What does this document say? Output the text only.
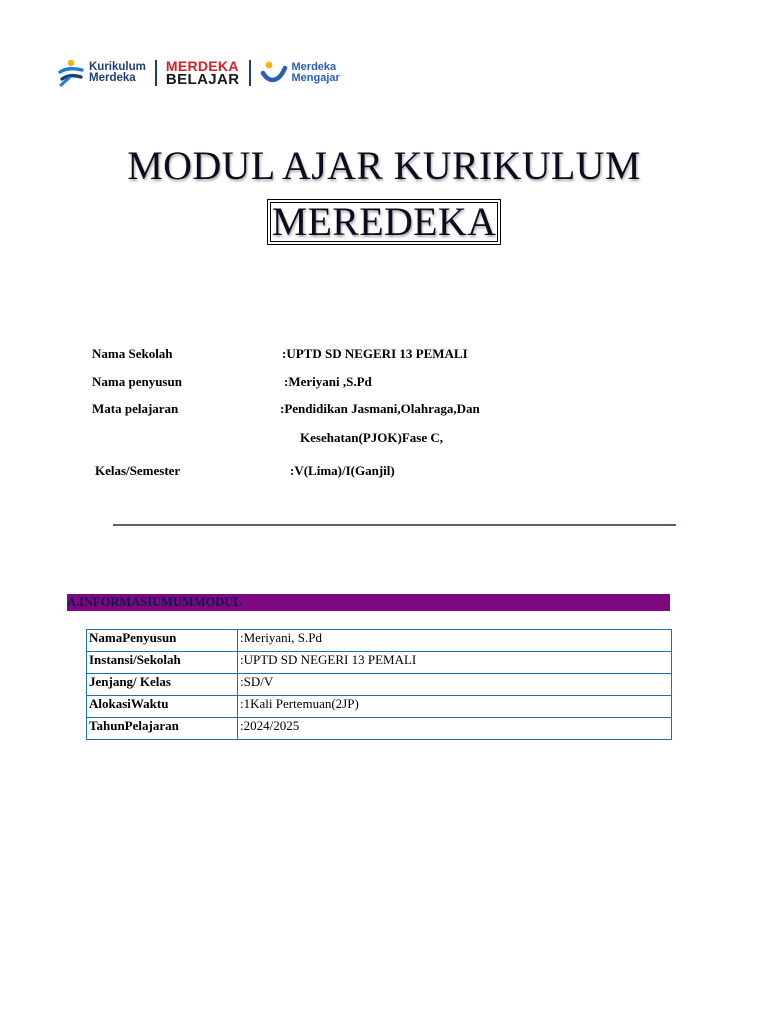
Kurikulum
Merdeka
MERDEKA
BELAJAR
Merdeka
Mengajar
MODUL AJAR KURIKULUM
MEREDEKA
Nama Sekolah	:UPTD SD NEGERI 13 PEMALI
Nama penyusun	:Meriyani ,S.Pd
Mata pelajaran	:Pendidikan Jasmani,Olahraga,Dan
Kesehatan(PJOK)Fase C,
Kelas/Semester	:V(Lima)/I(Ganjil)
A.INFORMASIUMUMMODUL
NamaPenyusun	:Meriyani, S.Pd
Instansi/Sekolah	:UPTD SD NEGERI 13 PEMALI
Jenjang/ Kelas	:SD/V
AlokasiWaktu	:1Kali Pertemuan(2JP)
TahunPelajaran	:2024/2025
